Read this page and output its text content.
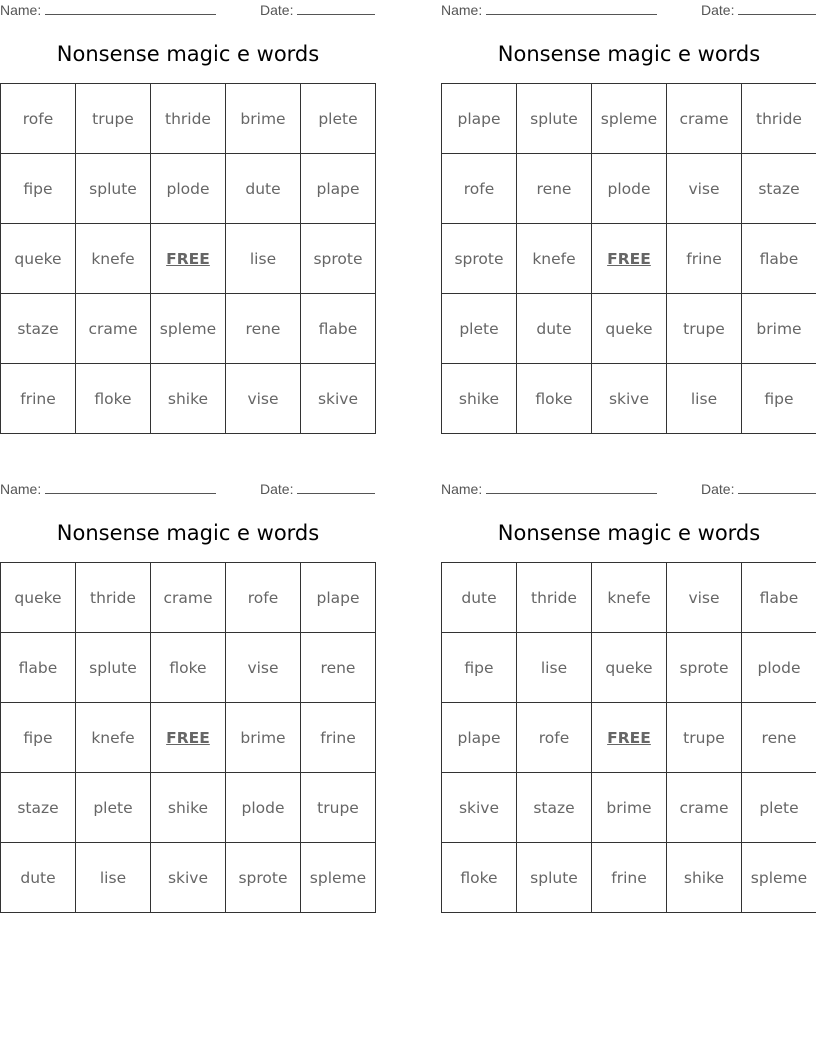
Name:	Date:
Nonsense magic e words
rofe	trupe	thride	brime	plete
fipe	splute	plode	dute	plape
queke	knefe	FREE	lise	sprote
staze	crame	spleme	rene	flabe
frine	floke	shike	vise	skive
Name:	Date:
Nonsense magic e words
plape	splute	spleme	crame	thride
rofe	rene	plode	vise	staze
sprote	knefe	FREE	frine	flabe
plete	dute	queke	trupe	brime
shike	floke	skive	lise	fipe
Name:	Date:
Nonsense magic e words
queke	thride	crame	rofe	plape
flabe	splute	floke	vise	rene
fipe	knefe	FREE	brime	frine
staze	plete	shike	plode	trupe
dute	lise	skive	sprote	spleme
Name:	Date:
Nonsense magic e words
dute	thride	knefe	vise	flabe
fipe	lise	queke	sprote	plode
plape	rofe	FREE	trupe	rene
skive	staze	brime	crame	plete
floke	splute	frine	shike	spleme
